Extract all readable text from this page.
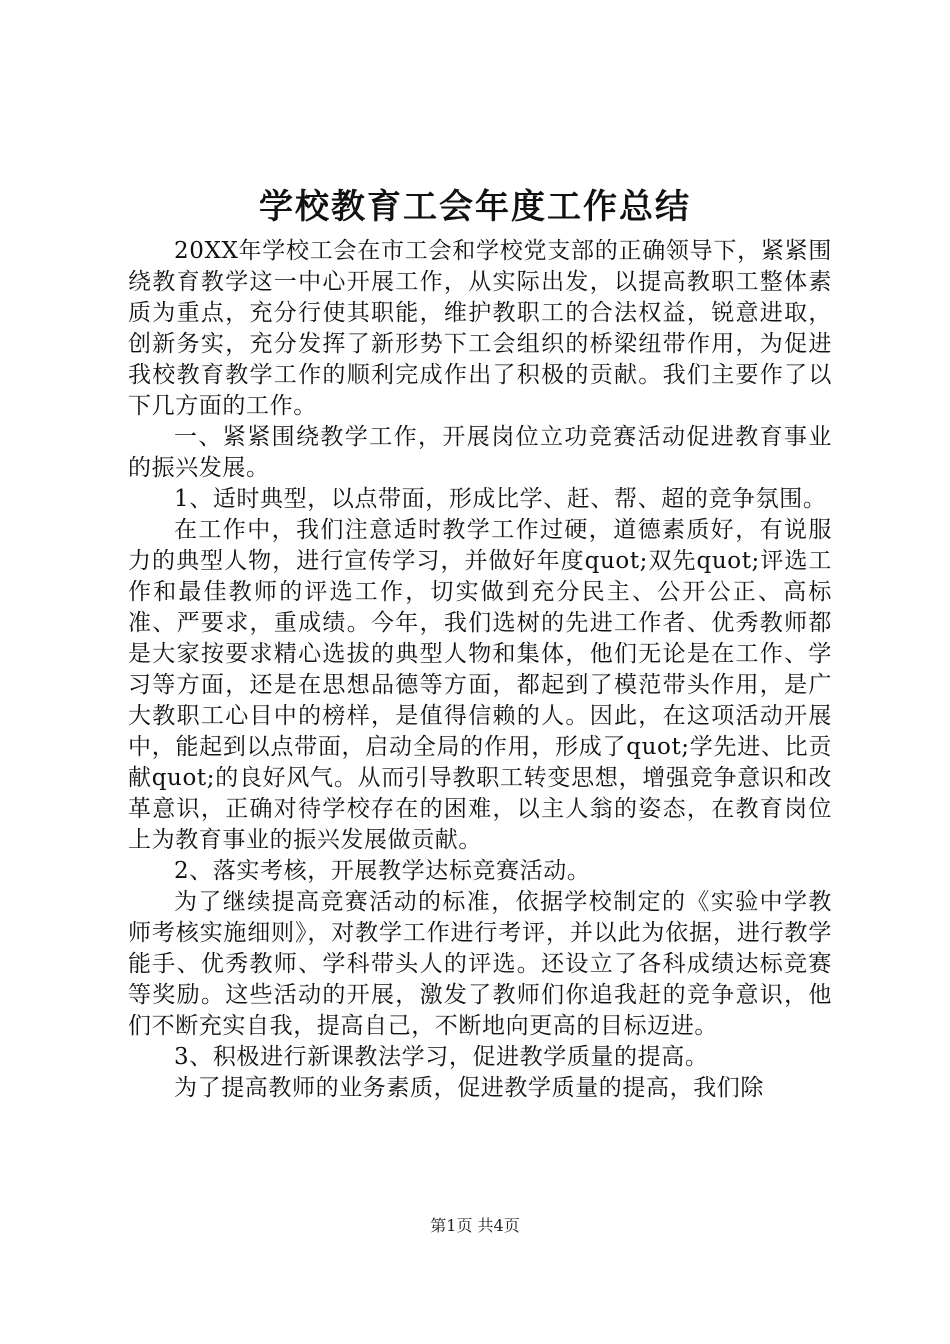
学校教育工会年度工作总结

20XX年学校工会在市工会和学校党支部的正确领导下，紧紧围绕教育教学这一中心开展工作，从实际出发，以提高教职工整体素质为重点，充分行使其职能，维护教职工的合法权益，锐意进取，创新务实，充分发挥了新形势下工会组织的桥梁纽带作用，为促进我校教育教学工作的顺利完成作出了积极的贡献。我们主要作了以下几方面的工作。

一、紧紧围绕教学工作，开展岗位立功竞赛活动促进教育事业的振兴发展。

1、适时典型，以点带面，形成比学、赶、帮、超的竞争氛围。

在工作中，我们注意适时教学工作过硬，道德素质好，有说服力的典型人物，进行宣传学习，并做好年度quot;双先quot;评选工作和最佳教师的评选工作，切实做到充分民主、公开公正、高标准、严要求，重成绩。今年，我们选树的先进工作者、优秀教师都是大家按要求精心选拔的典型人物和集体，他们无论是在工作、学习等方面，还是在思想品德等方面，都起到了模范带头作用，是广大教职工心目中的榜样，是值得信赖的人。因此，在这项活动开展中，能起到以点带面，启动全局的作用，形成了quot;学先进、比贡献quot;的良好风气。从而引导教职工转变思想，增强竞争意识和改革意识，正确对待学校存在的困难，以主人翁的姿态，在教育岗位上为教育事业的振兴发展做贡献。

2、落实考核，开展教学达标竞赛活动。

为了继续提高竞赛活动的标准，依据学校制定的《实验中学教师考核实施细则》，对教学工作进行考评，并以此为依据，进行教学能手、优秀教师、学科带头人的评选。还设立了各科成绩达标竞赛等奖励。这些活动的开展，激发了教师们你追我赶的竞争意识，他们不断充实自我，提高自己，不断地向更高的目标迈进。

3、积极进行新课教法学习，促进教学质量的提高。

为了提高教师的业务素质，促进教学质量的提高，我们除

第1页 共4页
